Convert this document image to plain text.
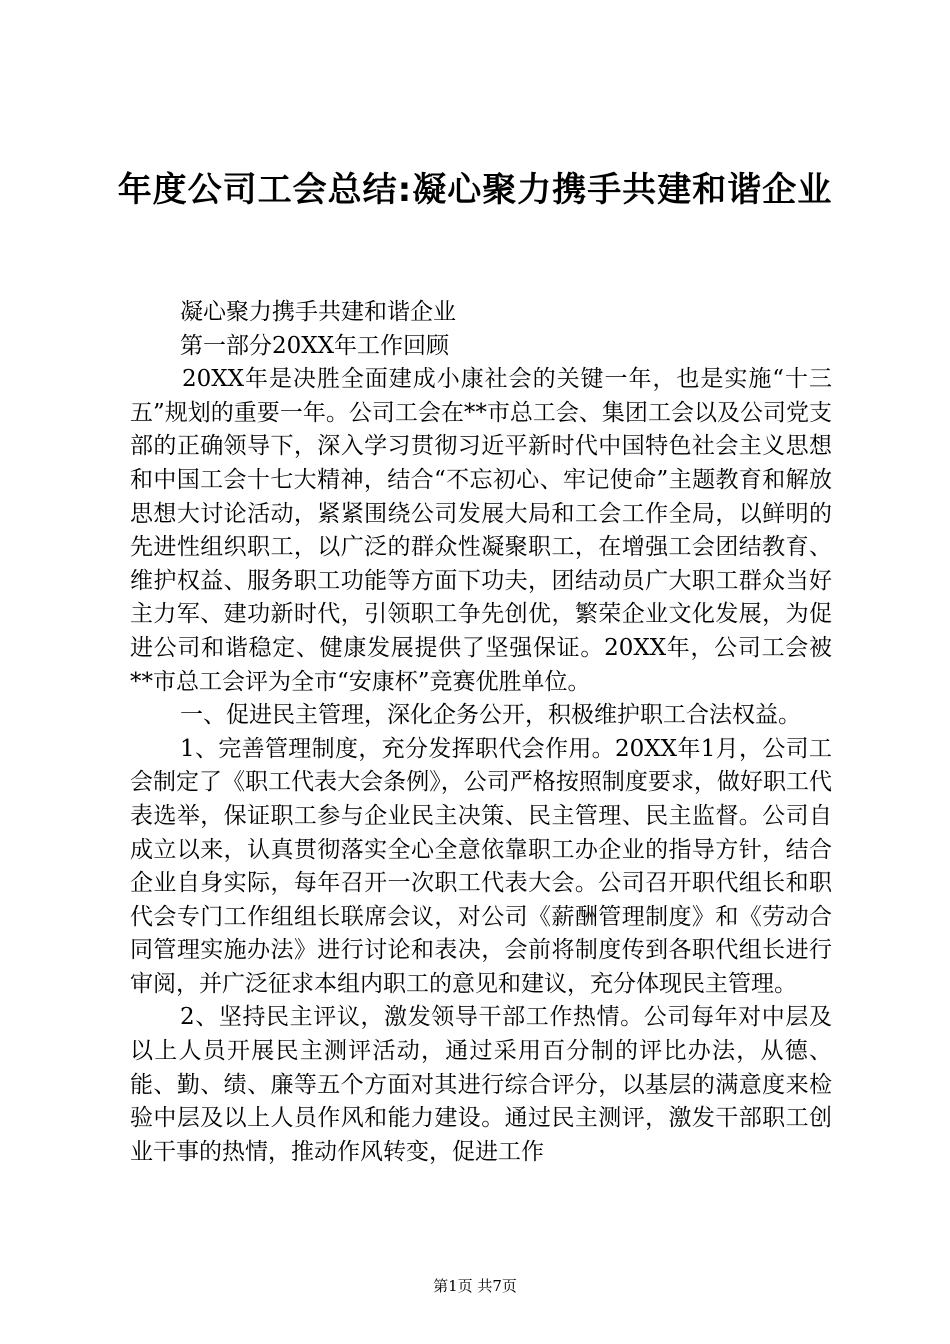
年度公司工会总结:凝心聚力携手共建和谐企业

凝心聚力携手共建和谐企业

第一部分20XX年工作回顾

20XX年是决胜全面建成小康社会的关键一年，也是实施“十三五”规划的重要一年。公司工会在**市总工会、集团工会以及公司党支部的正确领导下，深入学习贯彻习近平新时代中国特色社会主义思想和中国工会十七大精神，结合“不忘初心、牢记使命”主题教育和解放思想大讨论活动，紧紧围绕公司发展大局和工会工作全局，以鲜明的先进性组织职工，以广泛的群众性凝聚职工，在增强工会团结教育、维护权益、服务职工功能等方面下功夫，团结动员广大职工群众当好主力军、建功新时代，引领职工争先创优，繁荣企业文化发展，为促进公司和谐稳定、健康发展提供了坚强保证。20XX年，公司工会被**市总工会评为全市“安康杯”竞赛优胜单位。

一、促进民主管理，深化企务公开，积极维护职工合法权益。

1、完善管理制度，充分发挥职代会作用。20XX年1月，公司工会制定了《职工代表大会条例》，公司严格按照制度要求，做好职工代表选举，保证职工参与企业民主决策、民主管理、民主监督。公司自成立以来，认真贯彻落实全心全意依靠职工办企业的指导方针，结合企业自身实际，每年召开一次职工代表大会。公司召开职代组长和职代会专门工作组组长联席会议，对公司《薪酬管理制度》和《劳动合同管理实施办法》进行讨论和表决，会前将制度传到各职代组长进行审阅，并广泛征求本组内职工的意见和建议，充分体现民主管理。

2、坚持民主评议，激发领导干部工作热情。公司每年对中层及以上人员开展民主测评活动，通过采用百分制的评比办法，从德、能、勤、绩、廉等五个方面对其进行综合评分，以基层的满意度来检验中层及以上人员作风和能力建设。通过民主测评，激发干部职工创业干事的热情，推动作风转变，促进工作

第1页 共7页
